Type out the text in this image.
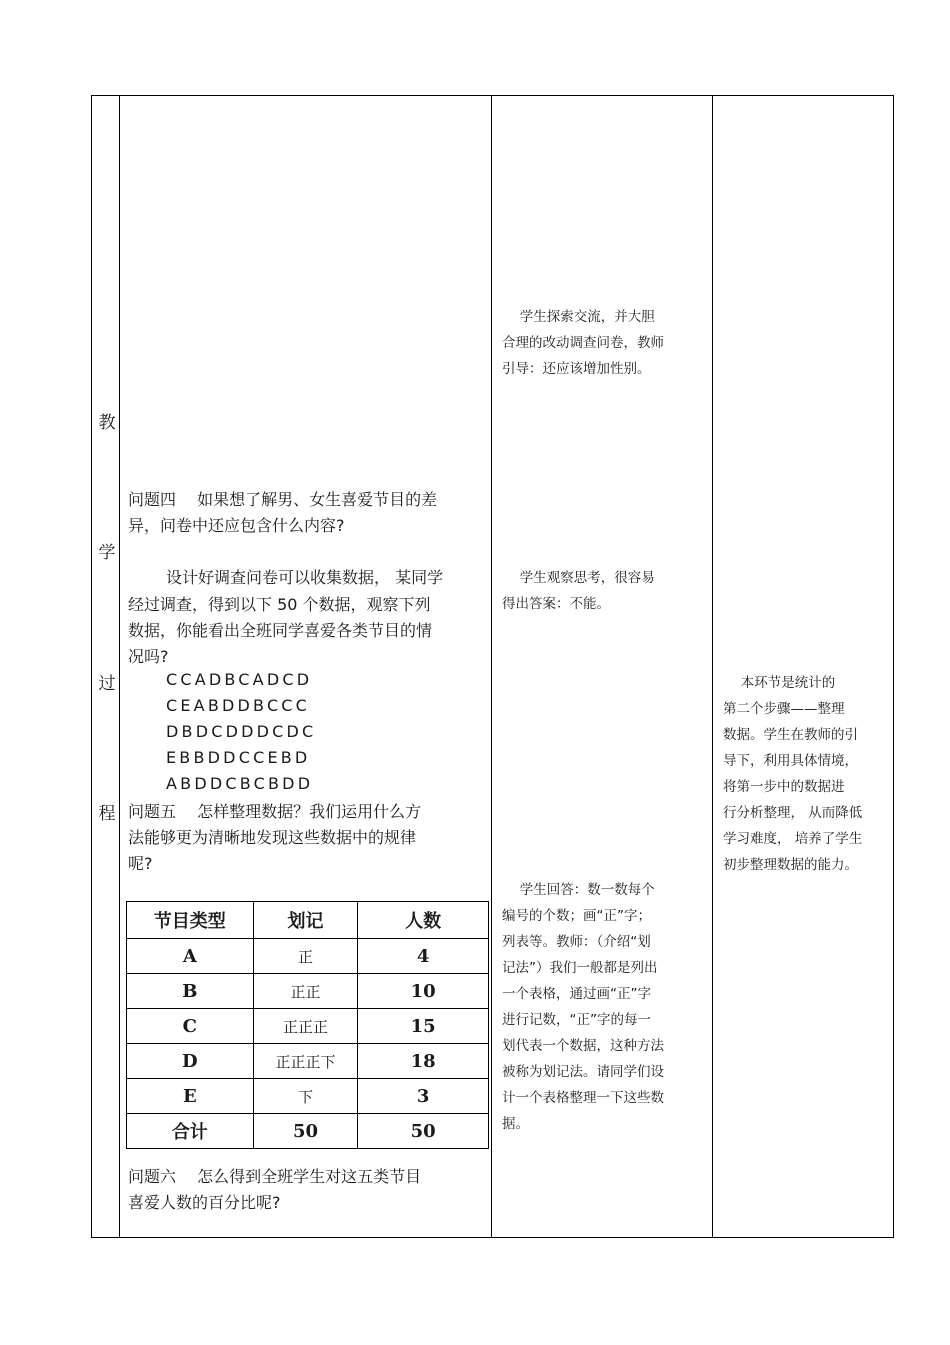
教
学
过
程
问题四　 如果想了解男、女生喜爱节目的差
异，问卷中还应包含什么内容?
设计好调查问卷可以收集数据， 某同学
经过调查，得到以下 50 个数据，观察下列
数据，你能看出全班同学喜爱各类节目的情
况吗?
CCADBCADCD
CEABDDBCCC
DBDCDDDCDC
EBBDDCCEBD
ABDDCBCBDD
问题五　 怎样整理数据？我们运用什么方
法能够更为清晰地发现这些数据中的规律
呢?
节目类型	划记	人数
A	正	4
B	正正	10
C	正正正	15
D	正正正下	18
E	下	3
合计	50	50
问题六　 怎么得到全班学生对这五类节目
喜爱人数的百分比呢?
　 学生探索交流，并大胆
合理的改动调查问卷，教师
引导：还应该增加性别。
　 学生观察思考，很容易
得出答案：不能。
　 学生回答：数一数每个
编号的个数；画“正”字；
列表等。教师：（介绍“划
记法”）我们一般都是列出
一个表格，通过画“正”字
进行记数，“正”字的每一
划代表一个数据，这种方法
被称为划记法。请同学们设
计一个表格整理一下这些数
据。
　 本环节是统计的
第二个步骤——整理
数据。学生在教师的引
导下，利用具体情境，
将第一步中的数据进
行分析整理， 从而降低
学习难度， 培养了学生
初步整理数据的能力。
